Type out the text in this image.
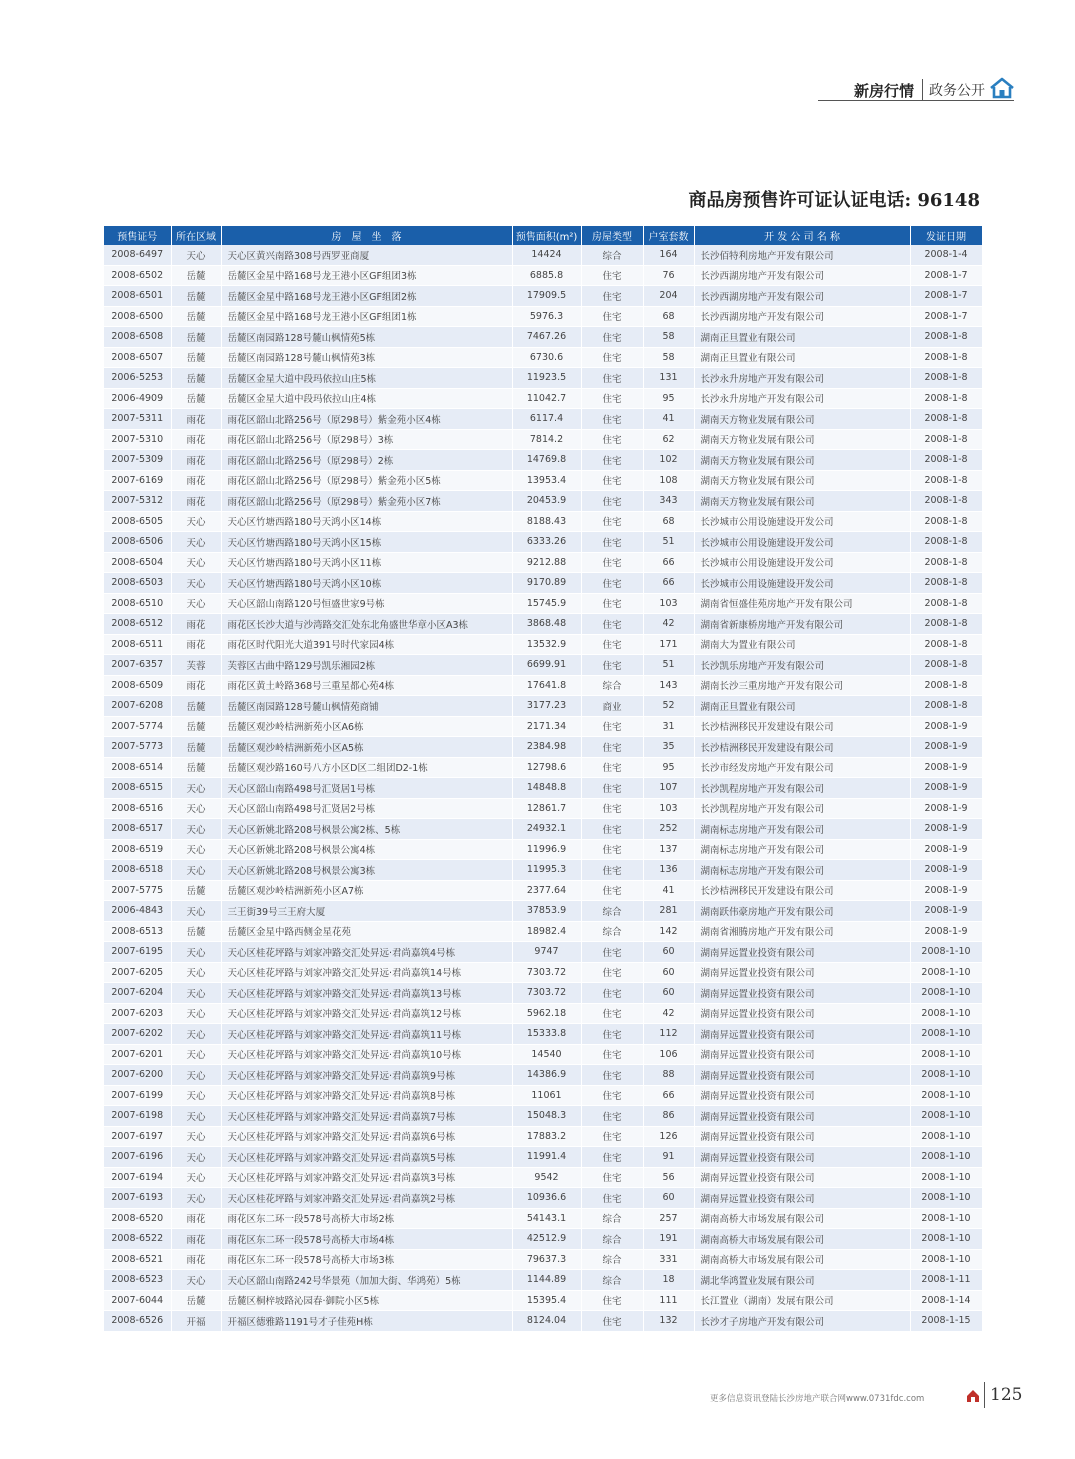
新房行情 政务公开
商品房预售许可证认证电话: 96148
预售证号	所在区域	房　屋　坐　落	预售面积(m²)	房屋类型	户室套数	开 发 公 司 名 称	发证日期
2008-6497	天心	天心区黄兴南路308号西罗亚商厦	14424	综合	164	长沙佰特利房地产开发有限公司	2008-1-4
2008-6502	岳麓	岳麓区金星中路168号龙王港小区GF组团3栋	6885.8	住宅	76	长沙西湖房地产开发有限公司	2008-1-7
2008-6501	岳麓	岳麓区金星中路168号龙王港小区GF组团2栋	17909.5	住宅	204	长沙西湖房地产开发有限公司	2008-1-7
2008-6500	岳麓	岳麓区金星中路168号龙王港小区GF组团1栋	5976.3	住宅	68	长沙西湖房地产开发有限公司	2008-1-7
2008-6508	岳麓	岳麓区南园路128号麓山枫情苑5栋	7467.26	住宅	58	湖南正旦置业有限公司	2008-1-8
2008-6507	岳麓	岳麓区南园路128号麓山枫情苑3栋	6730.6	住宅	58	湖南正旦置业有限公司	2008-1-8
2006-5253	岳麓	岳麓区金星大道中段玛依拉山庄5栋	11923.5	住宅	131	长沙永升房地产开发有限公司	2008-1-8
2006-4909	岳麓	岳麓区金星大道中段玛依拉山庄4栋	11042.7	住宅	95	长沙永升房地产开发有限公司	2008-1-8
2007-5311	雨花	雨花区韶山北路256号（原298号）紫金苑小区4栋	6117.4	住宅	41	湖南天方物业发展有限公司	2008-1-8
2007-5310	雨花	雨花区韶山北路256号（原298号）3栋	7814.2	住宅	62	湖南天方物业发展有限公司	2008-1-8
2007-5309	雨花	雨花区韶山北路256号（原298号）2栋	14769.8	住宅	102	湖南天方物业发展有限公司	2008-1-8
2007-6169	雨花	雨花区韶山北路256号（原298号）紫金苑小区5栋	13953.4	住宅	108	湖南天方物业发展有限公司	2008-1-8
2007-5312	雨花	雨花区韶山北路256号（原298号）紫金苑小区7栋	20453.9	住宅	343	湖南天方物业发展有限公司	2008-1-8
2008-6505	天心	天心区竹塘西路180号天鸿小区14栋	8188.43	住宅	68	长沙城市公用设施建设开发公司	2008-1-8
2008-6506	天心	天心区竹塘西路180号天鸿小区15栋	6333.26	住宅	51	长沙城市公用设施建设开发公司	2008-1-8
2008-6504	天心	天心区竹塘西路180号天鸿小区11栋	9212.88	住宅	66	长沙城市公用设施建设开发公司	2008-1-8
2008-6503	天心	天心区竹塘西路180号天鸿小区10栋	9170.89	住宅	66	长沙城市公用设施建设开发公司	2008-1-8
2008-6510	天心	天心区韶山南路120号恒盛世家9号栋	15745.9	住宅	103	湖南省恒盛佳苑房地产开发有限公司	2008-1-8
2008-6512	雨花	雨花区长沙大道与沙湾路交汇处东北角盛世华章小区A3栋	3868.48	住宅	42	湖南省新康桥房地产开发有限公司	2008-1-8
2008-6511	雨花	雨花区时代阳光大道391号时代家园4栋	13532.9	住宅	171	湖南大为置业有限公司	2008-1-8
2007-6357	芙蓉	芙蓉区古曲中路129号凯乐湘园2栋	6699.91	住宅	51	长沙凯乐房地产开发有限公司	2008-1-8
2008-6509	雨花	雨花区黄土岭路368号三重星都心苑4栋	17641.8	综合	143	湖南长沙三重房地产开发有限公司	2008-1-8
2007-6208	岳麓	岳麓区南园路128号麓山枫情苑商铺	3177.23	商业	52	湖南正旦置业有限公司	2008-1-8
2007-5774	岳麓	岳麓区观沙岭桔洲新苑小区A6栋	2171.34	住宅	31	长沙桔洲移民开发建设有限公司	2008-1-9
2007-5773	岳麓	岳麓区观沙岭桔洲新苑小区A5栋	2384.98	住宅	35	长沙桔洲移民开发建设有限公司	2008-1-9
2008-6514	岳麓	岳麓区观沙路160号八方小区D区二组团D2-1栋	12798.6	住宅	95	长沙市经发房地产开发有限公司	2008-1-9
2008-6515	天心	天心区韶山南路498号汇贤居1号栋	14848.8	住宅	107	长沙凯程房地产开发有限公司	2008-1-9
2008-6516	天心	天心区韶山南路498号汇贤居2号栋	12861.7	住宅	103	长沙凯程房地产开发有限公司	2008-1-9
2008-6517	天心	天心区新姚北路208号枫景公寓2栋、5栋	24932.1	住宅	252	湖南标志房地产开发有限公司	2008-1-9
2008-6519	天心	天心区新姚北路208号枫景公寓4栋	11996.9	住宅	137	湖南标志房地产开发有限公司	2008-1-9
2008-6518	天心	天心区新姚北路208号枫景公寓3栋	11995.3	住宅	136	湖南标志房地产开发有限公司	2008-1-9
2007-5775	岳麓	岳麓区观沙岭桔洲新苑小区A7栋	2377.64	住宅	41	长沙桔洲移民开发建设有限公司	2008-1-9
2006-4843	天心	三王街39号三王府大厦	37853.9	综合	281	湖南跃伟豪房地产开发有限公司	2008-1-9
2008-6513	岳麓	岳麓区金星中路西侧金星花苑	18982.4	综合	142	湖南省湘腾房地产开发有限公司	2008-1-9
2007-6195	天心	天心区桂花坪路与刘家冲路交汇处昇远·君尚嘉筑4号栋	9747	住宅	60	湖南昇远置业投资有限公司	2008-1-10
2007-6205	天心	天心区桂花坪路与刘家冲路交汇处昇远·君尚嘉筑14号栋	7303.72	住宅	60	湖南昇远置业投资有限公司	2008-1-10
2007-6204	天心	天心区桂花坪路与刘家冲路交汇处昇远·君尚嘉筑13号栋	7303.72	住宅	60	湖南昇远置业投资有限公司	2008-1-10
2007-6203	天心	天心区桂花坪路与刘家冲路交汇处昇远·君尚嘉筑12号栋	5962.18	住宅	42	湖南昇远置业投资有限公司	2008-1-10
2007-6202	天心	天心区桂花坪路与刘家冲路交汇处昇远·君尚嘉筑11号栋	15333.8	住宅	112	湖南昇远置业投资有限公司	2008-1-10
2007-6201	天心	天心区桂花坪路与刘家冲路交汇处昇远·君尚嘉筑10号栋	14540	住宅	106	湖南昇远置业投资有限公司	2008-1-10
2007-6200	天心	天心区桂花坪路与刘家冲路交汇处昇远·君尚嘉筑9号栋	14386.9	住宅	88	湖南昇远置业投资有限公司	2008-1-10
2007-6199	天心	天心区桂花坪路与刘家冲路交汇处昇远·君尚嘉筑8号栋	11061	住宅	66	湖南昇远置业投资有限公司	2008-1-10
2007-6198	天心	天心区桂花坪路与刘家冲路交汇处昇远·君尚嘉筑7号栋	15048.3	住宅	86	湖南昇远置业投资有限公司	2008-1-10
2007-6197	天心	天心区桂花坪路与刘家冲路交汇处昇远·君尚嘉筑6号栋	17883.2	住宅	126	湖南昇远置业投资有限公司	2008-1-10
2007-6196	天心	天心区桂花坪路与刘家冲路交汇处昇远·君尚嘉筑5号栋	11991.4	住宅	91	湖南昇远置业投资有限公司	2008-1-10
2007-6194	天心	天心区桂花坪路与刘家冲路交汇处昇远·君尚嘉筑3号栋	9542	住宅	56	湖南昇远置业投资有限公司	2008-1-10
2007-6193	天心	天心区桂花坪路与刘家冲路交汇处昇远·君尚嘉筑2号栋	10936.6	住宅	60	湖南昇远置业投资有限公司	2008-1-10
2008-6520	雨花	雨花区东二环一段578号高桥大市场2栋	54143.1	综合	257	湖南高桥大市场发展有限公司	2008-1-10
2008-6522	雨花	雨花区东二环一段578号高桥大市场4栋	42512.9	综合	191	湖南高桥大市场发展有限公司	2008-1-10
2008-6521	雨花	雨花区东二环一段578号高桥大市场3栋	79637.3	综合	331	湖南高桥大市场发展有限公司	2008-1-10
2008-6523	天心	天心区韶山南路242号华景苑（加加大街、华鸿苑）5栋	1144.89	综合	18	湖北华鸿置业发展有限公司	2008-1-11
2007-6044	岳麓	岳麓区桐梓坡路沁园春·御院小区5栋	15395.4	住宅	111	长江置业（湖南）发展有限公司	2008-1-14
2008-6526	开福	开福区德雅路1191号才子佳苑H栋	8124.04	住宅	132	长沙才子房地产开发有限公司	2008-1-15
更多信息资讯登陆长沙房地产联合网www.0731fdc.com	125
